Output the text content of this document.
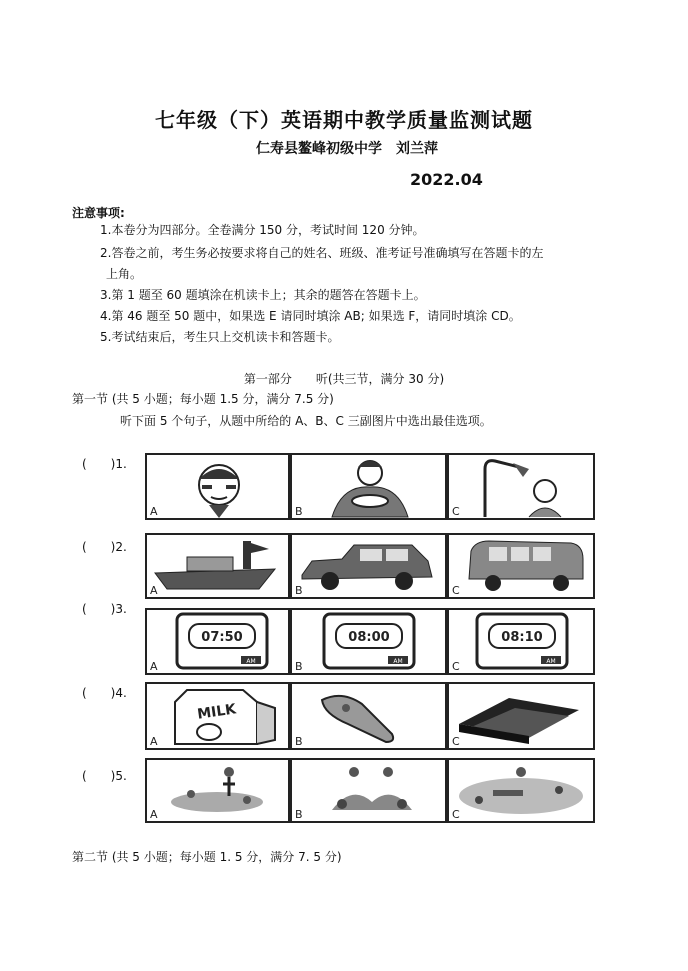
七年级（下）英语期中教学质量监测试题
仁寿县鳌峰初级中学　刘兰萍
2022.04
注意事项:
1.本卷分为四部分。全卷满分 150 分，考试时间 120 分钟。
2.答卷之前，考生务必按要求将自己的姓名、班级、准考证号准确填写在答题卡的左
上角。
3.第 1 题至 60 题填涂在机读卡上；其余的题答在答题卡上。
4.第 46 题至 50 题中，如果选 E 请同时填涂 AB; 如果选 F，请同时填涂 CD。
5.考试结束后，考生只上交机读卡和答题卡。
第一部分　　听(共三节，满分 30 分)
第一节 (共 5 小题；每小题 1.5 分，满分 7.5 分)
听下面 5 个句子，从题中所给的 A、B、C 三副图片中选出最佳选项。
(　　)1.
(　　)2.
(　　)3.
(　　)4.
(　　)5.
A	B	C
A	B	C
07:50
AM
A
08:00
AM
B
08:10
AM
C
MILK
A	B	C
A	B	C
第二节 (共 5 小题；每小题 1. 5 分，满分 7. 5 分)
